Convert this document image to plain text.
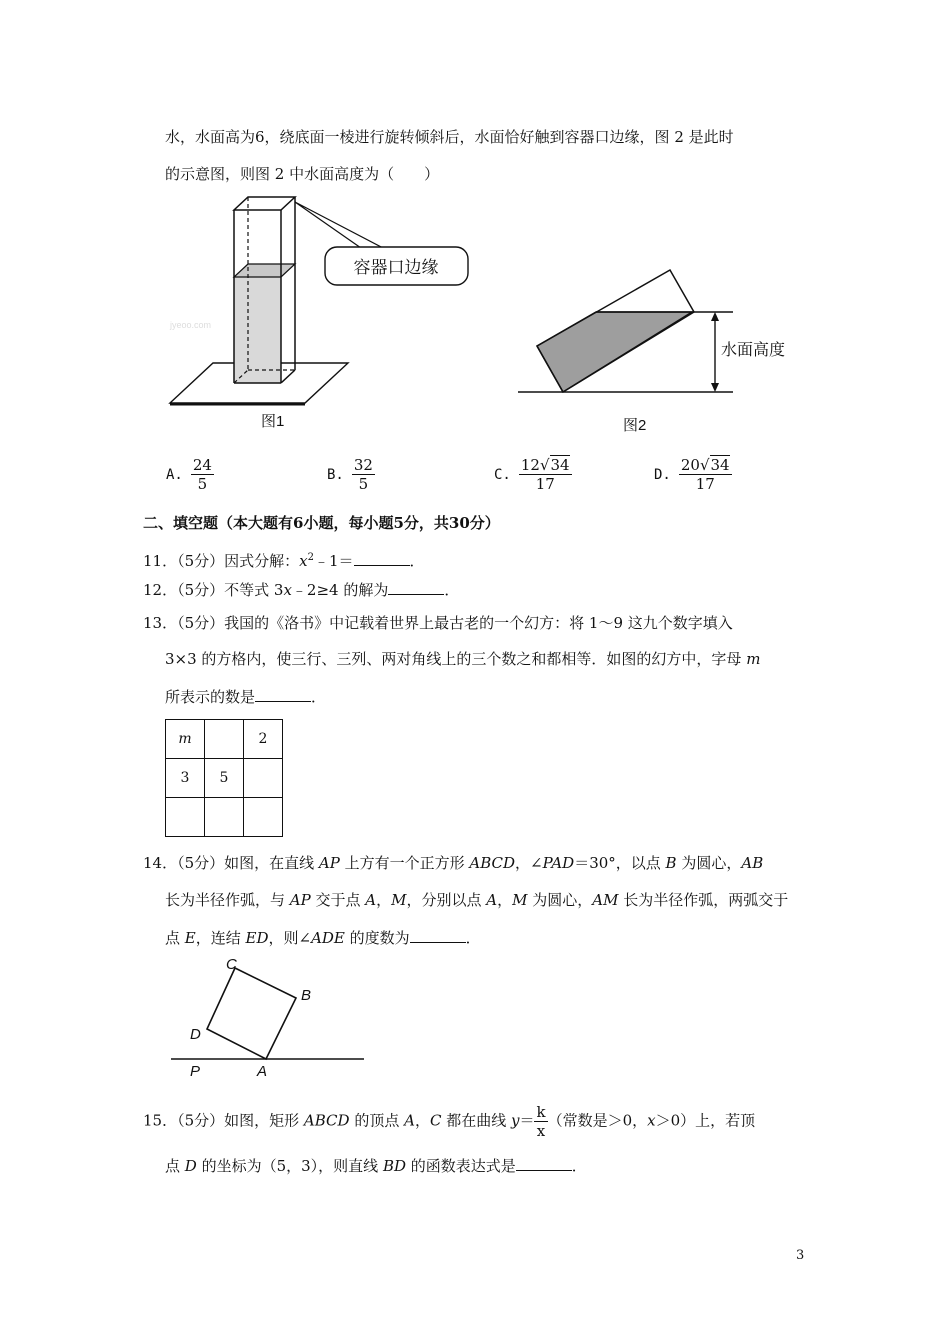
水，水面高为6，绕底面一棱进行旋转倾斜后，水面恰好触到容器口边缘，图 2 是此时
的示意图，则图 2 中水面高度为（　　）
容器口边缘
jyeoo.com
图1
水面高度
图2
A. $\frac{24}{5}$	B. $\frac{32}{5}$	C. $\frac{12√34}{17}$	D. $\frac{20√34}{17}$
二、填空题（本大题有6小题，每小题5分，共30分）
11．（5分）因式分解：$x^2﹣1=$	．
12．（5分）不等式 3x﹣2≥4 的解为	．
13．（5分）我国的《洛书》中记载着世界上最古老的一个幻方：将 1～9 这九个数字填入
3×3 的方格内，使三行、三列、两对角线上的三个数之和都相等．如图的幻方中，字母 m
所表示的数是	．
m		2
3	5	

14．（5分）如图，在直线 AP 上方有一个正方形 ABCD，∠PAD＝30°，以点 B 为圆心，AB
长为半径作弧，与 AP 交于点 A，M，分别以点 A，M 为圆心，AM 长为半径作弧，两弧交于
点 E，连结 ED，则∠ADE 的度数为	．
C
B
D
P	A
15．（5分）如图，矩形 ABCD 的顶点 A，C 都在曲线 $y= \frac{k}{x}$ （常数是＞0，x＞0）上，若顶
点 D 的坐标为（5，3），则直线 BD 的函数表达式是	．
3
